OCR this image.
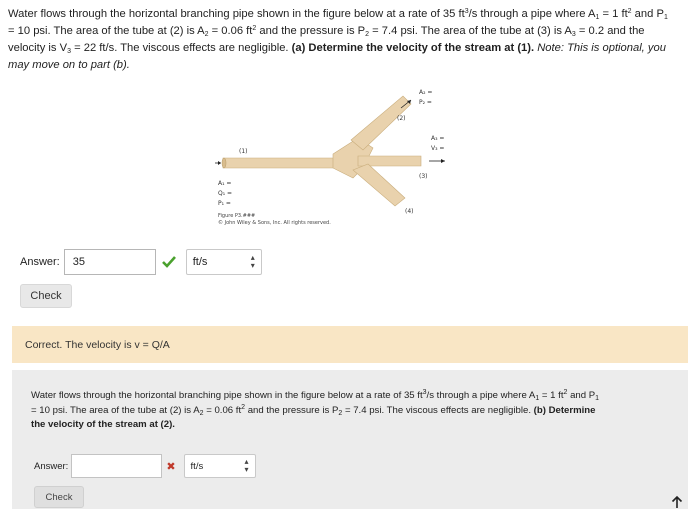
Water flows through the horizontal branching pipe shown in the figure below at a rate of 35 $ft^3/s$ through a pipe where $A_1 = 1$ $ft^2$ and $P_1$
= 10 psi. The area of the tube at (2) is $A_2 = 0.06$ $ft^2$ and the pressure is $P_2 = 7.4$ psi. The area of the tube at (3) is $A_3 = 0.2$ and the
velocity is $V_3 = 22$ ft/s. The viscous effects are negligible. (a) Determine the velocity of the stream at (1). Note: This is optional, you
may move on to part (b).
(1)
(2)
(3)
(4)
A₂ =
P₂ =
A₃ =
V₃ =
A₁ =
Q₁ =
P₁ =
Figure P3.###
© John Wiley & Sons, Inc. All rights reserved.
Answer:	35	ft/s	▴
▾
Check
Correct. The velocity is v = Q/A
Water flows through the horizontal branching pipe shown in the figure below at a rate of 35 $ft^3/s$ through a pipe where $A_1 = 1$ $ft^2$ and $P_1$
= 10 psi. The area of the tube at (2) is $A_2 = 0.06$ $ft^2$ and the pressure is $P_2 = 7.4$ psi. The viscous effects are negligible. (b) Determine
the velocity of the stream at (2).
Answer:	✖ ft/s	▴
▾
Check
